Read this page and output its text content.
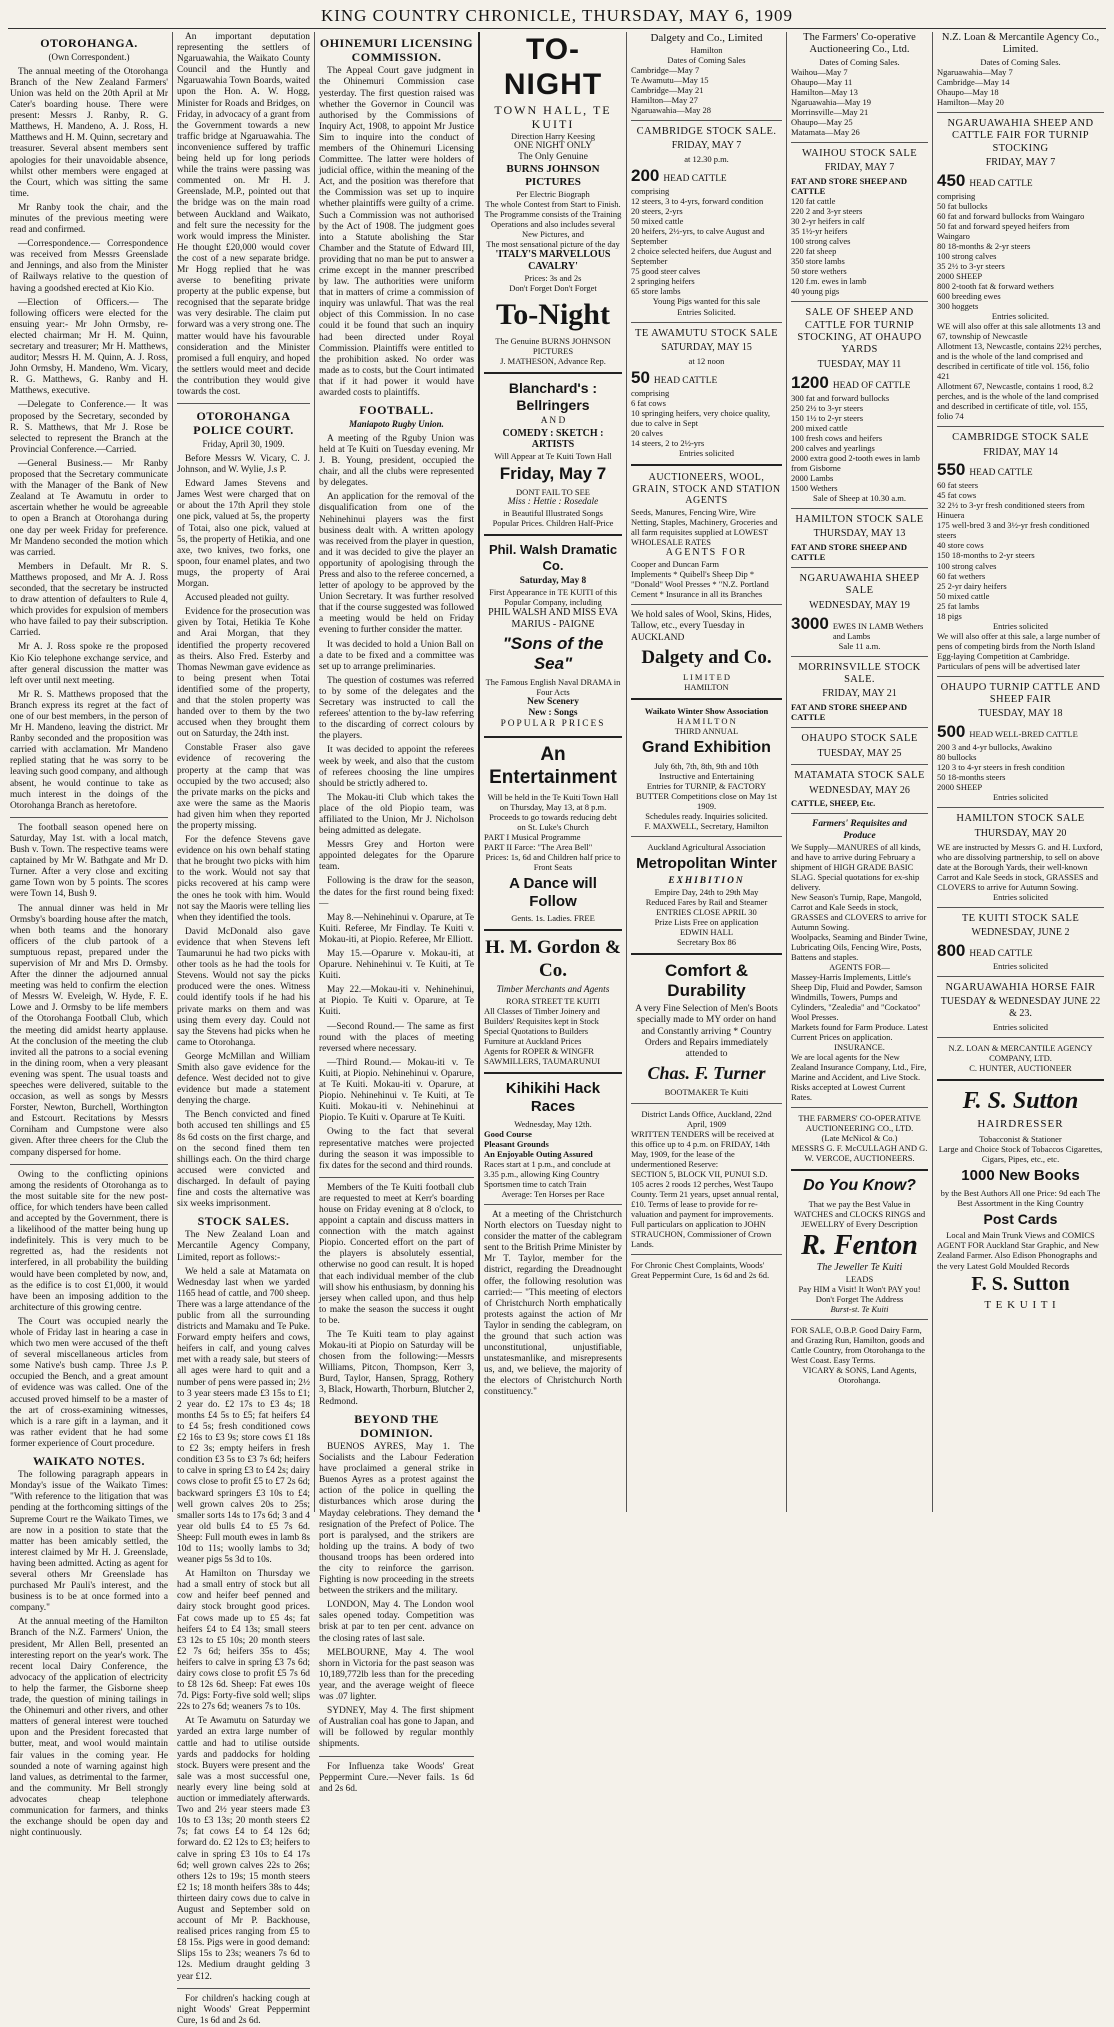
KING COUNTRY CHRONICLE, THURSDAY, MAY 6, 1909
OTOROHANGA.
(Own Correspondent.)

The annual meeting of the Otorohanga Branch of the New Zealand Farmers' Union was held on the 20th April at Mr Cater's boarding house. There were present: Messrs J. Ranby, R. G. Matthews, H. Mandeno, A. J. Ross, H. Matthews and H. M. Quinn, secretary and treasurer. Several absent members sent apologies for their unavoidable absence, whilst other members were engaged at the Court, which was sitting the same time.

Mr Ranby took the chair, and the minutes of the previous meeting were read and confirmed.

—Correspondence.— Correspondence was received from Messrs Greenslade and Jennings, and also from the Minister of Railways relative to the question of having a goodshed erected at Kio Kio.

—Election of Officers.— The following officers were elected for the ensuing year:- Mr John Ormsby, re-elected chairman; Mr H. M. Quinn, secretary and treasurer; Mr H. Matthews, auditor; Messrs H. M. Quinn, A. J. Ross, John Ormsby, H. Mandeno, Wm. Vicary, R. G. Matthews, G. Ranby and H. Matthews, executive.

—Delegate to Conference.— It was proposed by the Secretary, seconded by R. S. Matthews, that Mr J. Rose be selected to represent the Branch at the Provincial Conference.—Carried.

—General Business.— Mr Ranby proposed that the Secretary communicate with the Manager of the Bank of New Zealand at Te Awamutu in order to ascertain whether he would be agreeable to open a Branch at Otorohanga during one day per week Friday for preference. Mr Mandeno seconded the motion which was carried.

Members in Default. Mr R. S. Matthews proposed, and Mr A. J. Ross seconded, that the secretary be instructed to draw attention of defaulters to Rule 4, which provides for expulsion of members who have failed to pay their subscription. Carried.

Mr A. J. Ross spoke re the proposed Kio Kio telephone exchange service, and after general discussion the matter was left over until next meeting.

Mr R. S. Matthews proposed that the Branch express its regret at the fact of one of our best members, in the person of Mr H. Mandeno, leaving the district. Mr Ranby seconded and the proposition was carried with acclamation. Mr Mandeno replied stating that he was sorry to be leaving such good company, and although absent, he would continue to take as much interest in the doings of the Otorohanga Branch as heretofore.

The football season opened here on Saturday, May 1st. with a local match, Bush v. Town. The respective teams were captained by Mr W. Bathgate and Mr D. Turner. After a very close and exciting game Town won by 5 points. The scores were Town 14, Bush 9.

The annual dinner was held in Mr Ormsby's boarding house after the match, when both teams and the honorary officers of the club partook of a sumptuous repast, prepared under the supervision of Mr and Mrs D. Ormsby. After the dinner the adjourned annual meeting was held to confirm the election of Messrs W. Eveleigh, W. Hyde, F. E. Lowe and J. Ormsby to be life members of the Otorohanga Football Club, which the meeting did amidst hearty applause. At the conclusion of the meeting the club invited all the patrons to a social evening in the dining room, when a very pleasant evening was spent. The usual toasts and speeches were delivered, suitable to the occasion, as well as songs by Messrs Forster, Newton, Burchell, Worthington and Estcourt. Recitations by Messrs Corniham and Cumpstone were also given. After three cheers for the Club the company dispersed for home.

Owing to the conflicting opinions among the residents of Otorohanga as to the most suitable site for the new post-office, for which tenders have been called and accepted by the Government, there is a likelihood of the matter being hung up indefinitely. This is very much to be regretted as, had the residents not interfered, in all probability the building would have been completed by now, and, as the edifice is to cost £1,000, it would have been an imposing addition to the architecture of this growing centre.

The Court was occupied nearly the whole of Friday last in hearing a case in which two men were accused of the theft of several miscellaneous articles from some Native's bush camp. Three J.s P. occupied the Bench, and a great amount of evidence was was called. One of the accused proved himself to be a master of the art of cross-examining witnesses, which is a rare gift in a layman, and it was rather evident that he had some former experience of Court procedure.

WAIKATO NOTES.

The following paragraph appears in Monday's issue of the Waikato Times: "With reference to the litigation that was pending at the forthcoming sittings of the Supreme Court re the Waikato Times, we are now in a position to state that the matter has been amicably settled, the interest claimed by Mr H. J. Greenslade, having been admitted. Acting as agent for several others Mr Greenslade has purchased Mr Pauli's interest, and the business is to be at once formed into a company."

At the annual meeting of the Hamilton Branch of the N.Z. Farmers' Union, the president, Mr Allen Bell, presented an interesting report on the year's work. The recent local Dairy Conference, the advocacy of the application of electricity to help the farmer, the Gisborne sheep trade, the question of mining tailings in the Ohinemuri and other rivers, and other matters of general interest were touched upon and the President forecasted that butter, meat, and wool would maintain fair values in the coming year. He sounded a note of warning against high land values, as detrimental to the farmer, and the community. Mr Bell strongly advocates cheap telephone communication for farmers, and thinks the exchange should be open day and night continuously.

An important deputation representing the settlers of Ngaruawahia, the Waikato County Council and the Huntly and Ngaruawahia Town Boards, waited upon the Hon. A. W. Hogg, Minister for Roads and Bridges, on Friday, in advocacy of a grant from the Government towards a new traffic bridge at Ngaruawahia. The inconvenience suffered by traffic being held up for long periods while the trains were passing was commented on. Mr H. J. Greenslade, M.P., pointed out that the bridge was on the main road between Auckland and Waikato, and felt sure the necessity for the work would impress the Minister. He thought £20,000 would cover the cost of a new separate bridge. Mr Hogg replied that he was averse to benefiting private property at the public expense, but recognised that the separate bridge was very desirable. The claim put forward was a very strong one. The matter would have his favourable consideration and the Minister promised a full enquiry, and hoped the settlers would meet and decide the contribution they would give towards the cost.

OTOROHANGA POLICE COURT.
Friday, April 30, 1909.

Before Messrs W. Vicary, C. J. Johnson, and W. Wylie, J.s P.

Edward James Stevens and James West were charged that on or about the 17th April they stole one pick, valued at 5s, the property of Totai, also one pick, valued at 5s, the property of Hetikia, and one axe, two knives, two forks, one spoon, four enamel plates, and two mugs, the property of Arai Morgan.

Accused pleaded not guilty.

Evidence for the prosecution was given by Totai, Hetikia Te Kohe and Arai Morgan, that they identified the property recovered as theirs. Also Fred. Esterby and Thomas Newman gave evidence as to being present when Totai identified some of the property, and that the stolen property was handed over to them by the two accused when they brought them out on Saturday, the 24th inst.

Constable Fraser also gave evidence of recovering the property at the camp that was occupied by the two accused; also the private marks on the picks and axe were the same as the Maoris had given him when they reported the property missing.

For the defence Stevens gave evidence on his own behalf stating that he brought two picks with him to the work. Would not say that picks recovered at his camp were the ones he took with him. Would not say the Maoris were telling lies when they identified the tools.

David McDonald also gave evidence that when Stevens left Taumarunui he had two picks with other tools as he had the tools for Stevens. Would not say the picks produced were the ones. Witness could identify tools if he had his private marks on them and was using them every day. Could not say the Stevens had picks when he came to Otorohanga.

George McMillan and William Smith also gave evidence for the defence. West decided not to give evidence but made a statement denying the charge.

The Bench convicted and fined both accused ten shillings and £5 8s 6d costs on the first charge, and on the second fined them ten shillings each. On the third charge accused were convicted and discharged. In default of paying fine and costs the alternative was six weeks imprisonment.

STOCK SALES.

The New Zealand Loan and Mercantile Agency Company, Limited, report as follows:-

We held a sale at Matamata on Wednesday last when we yarded 1165 head of cattle, and 700 sheep. There was a large attendance of the public from all the surrounding districts and Mamaku and Te Puke. Forward empty heifers and cows, heifers in calf, and young calves met with a ready sale, but steers of all ages were hard to quit and a number of pens were passed in; 2½ to 3 year steers made £3 15s to £1; 2 year do. £2 17s to £3 4s; 18 months £4 5s to £5; fat heifers £4 to £4 5s; fresh conditioned cows £2 16s to £3 9s; store cows £1 18s to £2 3s; empty heifers in fresh condition £3 5s to £3 7s 6d; heifers to calve in spring £3 to £4 2s; dairy cows close to profit £5 to £7 2s 6d; backward springers £3 10s to £4; well grown calves 20s to 25s; smaller sorts 14s to 17s 6d; 3 and 4 year old bulls £4 to £5 7s 6d. Sheep: Full mouth ewes in lamb 8s 10d to 11s; woolly lambs to 3d; weaner pigs 5s 3d to 10s.

At Hamilton on Thursday we had a small entry of stock but all cow and heifer beef penned and dairy stock brought good prices. Fat cows made up to £5 4s; fat heifers £4 to £4 13s; small steers £3 12s to £5 10s; 20 month steers £2 7s 6d; heifers 35s to 45s; heifers to calve in spring £3 7s 6d; dairy cows close to profit £5 7s 6d to £8 12s 6d. Sheep: Fat ewes 10s 7d. Pigs: Forty-five sold well; slips 22s to 27s 6d; weaners 7s to 10s.

At Te Awamutu on Saturday we yarded an extra large number of cattle and had to utilise outside yards and paddocks for holding stock. Buyers were present and the sale was a most successful one, nearly every line being sold at auction or immediately afterwards. Two and 2½ year steers made £3 10s to £3 13s; 20 month steers £2 7s; fat cows £4 to £4 12s 6d; forward do. £2 12s to £3; heifers to calve in spring £3 10s to £4 17s 6d; well grown calves 22s to 26s; others 12s to 19s; 15 month steers £2 1s; 18 month heifers 38s to 44s; thirteen dairy cows due to calve in August and September sold on account of Mr P. Backhouse, realised prices ranging from £5 to £8 15s. Pigs were in good demand: Slips 15s to 23s; weaners 7s 6d to 12s. Medium draught gelding 3 year £12.

For children's hacking cough at night Woods' Great Peppermint Cure, 1s 6d and 2s 6d.

OHINEMURI LICENSING COMMISSION.

The Appeal Court gave judgment in the Ohinemuri Commission case yesterday. The first question raised was whether the Governor in Council was authorised by the Commissions of Inquiry Act, 1908, to appoint Mr Justice Sim to inquire into the conduct of members of the Ohinemuri Licensing Committee. The latter were holders of judicial office, within the meaning of the Act, and the position was therefore that the Commission was set up to inquire whether plaintiffs were guilty of a crime. Such a Commission was not authorised by the Act of 1908. The judgment goes into a Statute abolishing the Star Chamber and the Statute of Edward III, providing that no man be put to answer a crime except in the manner prescribed by law. The authorities were uniform that in matters of crime a commission of inquiry was unlawful. That was the real object of this Commission. In no case could it be found that such an inquiry had been directed under Royal Commission. Plaintiffs were entitled to the prohibition asked. No order was made as to costs, but the Court intimated that if it had power it would have awarded costs to plaintiffs.

FOOTBALL.
Maniapoto Rugby Union.

A meeting of the Rguby Union was held at Te Kuiti on Tuesday evening. Mr J. B. Young, president, occupied the chair, and all the clubs were represented by delegates.

An application for the removal of the disqualification from one of the Nehinehinui players was the first business dealt with. A written apology was received from the player in question, and it was decided to give the player an opportunity of apologising through the Press and also to the referee concerned, a letter of apology to be approved by the Union Secretary. It was further resolved that if the course suggested was followed a meeting would be held on Friday evening to further consider the matter.

It was decided to hold a Union Ball on a date to be fixed and a committee was set up to arrange preliminaries.

The question of costumes was referred to by some of the delegates and the Secretary was instructed to call the referees' attention to the by-law referring to the discarding of correct colours by the players.

It was decided to appoint the referees week by week, and also that the custom of referees choosing the line umpires should be strictly adhered to.

The Mokau-iti Club which takes the place of the old Piopio team, was affiliated to the Union, Mr J. Nicholson being admitted as delegate.

Messrs Grey and Horton were appointed delegates for the Oparure team.

Following is the draw for the season, the dates for the first round being fixed:—

May 8.—Nehinehinui v. Oparure, at Te Kuiti. Referee, Mr Findlay. Te Kuiti v. Mokau-iti, at Piopio. Referee, Mr Elliott.

May 15.—Oparure v. Mokau-iti, at Oparure. Nehinehinui v. Te Kuiti, at Te Kuiti.

May 22.—Mokau-iti v. Nehinehinui, at Piopio. Te Kuiti v. Oparure, at Te Kuiti.

—Second Round.— The same as first round with the places of meeting reversed where necessary.

—Third Round.— Mokau-iti v. Te Kuiti, at Piopio. Nehinehinui v. Oparure, at Te Kuiti. Mokau-iti v. Oparure, at Piopio. Nehinehinui v. Te Kuiti, at Te Kuiti. Mokau-iti v. Nehinehinui at Piopio. Te Kuiti v. Oparure at Te Kuiti.

Owing to the fact that several representative matches were projected during the season it was impossible to fix dates for the second and third rounds.

Members of the Te Kuiti football club are requested to meet at Kerr's boarding house on Friday evening at 8 o'clock, to appoint a captain and discuss matters in connection with the match against Piopio. Concerted effort on the part of the players is absolutely essential, otherwise no good can result. It is hoped that each individual member of the club will show his enthusiasm, by donning his jersey when called upon, and thus help to make the season the success it ought to be.

The Te Kuiti team to play against Mokau-iti at Piopio on Saturday will be chosen from the following:—Messrs Williams, Pitcon, Thompson, Kerr 3, Burd, Taylor, Hansen, Spragg, Rothery 3, Black, Howarth, Thorburn, Blutcher 2, Redmond.

BEYOND THE DOMINION.

BUENOS AYRES, May 1. The Socialists and the Labour Federation have proclaimed a general strike in Buenos Ayres as a protest against the action of the police in quelling the disturbances which arose during the Mayday celebrations. They demand the resignation of the Prefect of Police. The port is paralysed, and the strikers are holding up the trains. A body of two thousand troops has been ordered into the city to reinforce the garrison. Fighting is now proceeding in the streets between the strikers and the military.

LONDON, May 4. The London wool sales opened today. Competition was brisk at par to ten per cent. advance on the closing rates of last sale.

MELBOURNE, May 4. The wool shorn in Victoria for the past season was 10,189,772lb less than for the preceding year, and the average weight of fleece was .07 lighter.

SYDNEY, May 4. The first shipment of Australian coal has gone to Japan, and will be followed by regular monthly shipments.

For Influenza take Woods' Great Peppermint Cure.—Never fails. 1s 6d and 2s 6d.

TO-NIGHT
TOWN HALL, TE KUITI
Direction Harry Keesing
ONE NIGHT ONLY
The Only Genuine
BURNS JOHNSON PICTURES
Per Electric Biograph
The whole Contest from Start to Finish. The Programme consists of the Training Operations and also includes several New Pictures, and
The most sensational picture of the day
'ITALY'S MARVELLOUS CAVALRY'
Prices: 3s and 2s
Don't Forget Don't Forget
To-Night
The Genuine BURNS JOHNSON PICTURES
J. MATHESON, Advance Rep.
Blanchard's : Bellringers
A N D
COMEDY : SKETCH : ARTISTS
Will Appear at Te Kuiti Town Hall
Friday, May 7
DONT FAIL TO SEE
Miss : Hettie : Rosedale
in Beautiful Illustrated Songs
Popular Prices. Children Half-Price
Phil. Walsh Dramatic Co.
Saturday, May 8
First Appearance in TE KUITI of this Popular Company, including
PHIL WALSH AND MISS EVA MARIUS - PAIGNE
"Sons of the Sea"
The Famous English Naval DRAMA in Four Acts
New Scenery
New : Songs
POPULAR PRICES
An Entertainment
Will be held in the Te Kuiti Town Hall on Thursday, May 13, at 8 p.m. Proceeds to go towards reducing debt on St. Luke's Church
PART I Musical Programme
PART II Farce: "The Area Bell"
Prices: 1s, 6d and Children half price to Front Seats
A Dance will Follow
Gents. 1s. Ladies. FREE
H. M. Gordon & Co.
Timber Merchants and Agents
RORA STREET TE KUITI
All Classes of Timber Joinery and Builders' Requisites kept in Stock
Special Quotations to Builders
Furniture at Auckland Prices
Agents for ROPER & WINGFR SAWMILLERS, TAUMARUNUI
Kihikihi Hack Races
Wednesday, May 12th.
Good Course
Pleasant Grounds
An Enjoyable Outing Assured
Races start at 1 p.m., and conclude at 3.35 p.m., allowing King Country Sportsmen time to catch Train
Average: Ten Horses per Race

At a meeting of the Christchurch North electors on Tuesday night to consider the matter of the cablegram sent to the British Prime Minister by Mr T. Taylor, member for the district, regarding the Dreadnought offer, the following resolution was carried:— "This meeting of electors of Christchurch North emphatically protests against the action of Mr Taylor in sending the cablegram, on the ground that such action was unconstitutional, unjustifiable, unstatesmanlike, and misrepresents us, and, we believe, the majority of the electors of Christchurch North constituency."

Dalgety and Co., Limited
Hamilton
Dates of Coming Sales
Cambridge—May 7
Te Awamutu—May 15
Cambridge—May 21
Hamilton—May 27
Ngaruawahia—May 28
CAMBRIDGE STOCK SALE.
FRIDAY, MAY 7
at 12.30 p.m.
200 HEAD CATTLE
comprising
12 steers, 3 to 4-yrs, forward condition
20 steers, 2-yrs
50 mixed cattle
20 heifers, 2½-yrs, to calve August and September
2 choice selected heifers, due August and September
75 good steer calves
2 springing heifers
65 store lambs
Young Pigs wanted for this sale
Entries Solicited.
TE AWAMUTU STOCK SALE
SATURDAY, MAY 15
at 12 noon
50 HEAD CATTLE
comprising
6 fat cows
10 springing heifers, very choice quality, due to calve in Sept
20 calves
14 steers, 2 to 2½-yrs
Entries solicited
AUCTIONEERS, WOOL, GRAIN, STOCK AND STATION AGENTS
Seeds, Manures, Fencing Wire, Wire Netting, Staples, Machinery, Groceries and all farm requisites supplied at LOWEST WHOLESALE RATES
AGENTS FOR
Cooper and Duncan Farm
Implements * Quibell's Sheep Dip * "Donald" Wool Presses * "N.Z. Portland Cement * Insurance in all its Branches
We hold sales of Wool, Skins, Hides, Tallow, etc., every Tuesday in AUCKLAND
Dalgety and Co.
L I M I T E D
HAMILTON
Waikato Winter Show Association
H A M I L T O N
THIRD ANNUAL
Grand Exhibition
July 6th, 7th, 8th, 9th and 10th
Instructive and Entertaining
Entries for TURNIP, & FACTORY BUTTER Competitions close on May 1st 1909.
Schedules ready. Inquiries solicited.
F. MAXWELL, Secretary, Hamilton
Auckland Agricultural Association
Metropolitan Winter
EXHIBITION
Empire Day, 24th to 29th May
Reduced Fares by Rail and Steamer
ENTRIES CLOSE APRIL 30
Prize Lists Free on application
EDWIN HALL
Secretary Box 86
Comfort & Durability
A very Fine Selection of Men's Boots specially made to MY order on hand and Constantly arriving * Country Orders and Repairs immediately attended to
Chas. F. Turner
BOOTMAKER Te Kuiti
District Lands Office, Auckland, 22nd April, 1909
WRITTEN TENDERS will be received at this office up to 4 p.m. on FRIDAY, 14th May, 1909, for the lease of the undermentioned Reserve:
SECTION 5, BLOCK VII, PUNUI S.D. 105 acres 2 roods 12 perches, West Taupo County. Term 21 years, upset annual rental, £10. Terms of lease to provide for re-valuation and payment for improvements.
Full particulars on application to JOHN STRAUCHON, Commissioner of Crown Lands.
For Chronic Chest Complaints, Woods' Great Peppermint Cure, 1s 6d and 2s 6d.
The Farmers' Co-operative Auctioneering Co., Ltd.
Dates of Coming Sales.
Waihou—May 7
Ohaupo—May 11
Hamilton—May 13
Ngaruawahia—May 19
Morrinsville—May 21
Ohaupo—May 25
Matamata—May 26
WAIHOU STOCK SALE
FRIDAY, MAY 7
FAT AND STORE SHEEP AND CATTLE
120 fat cattle
220 2 and 3-yr steers
30 2-yr heifers in calf
35 1½-yr heifers
100 strong calves
220 fat sheep
350 store lambs
50 store wethers
120 f.m. ewes in lamb
40 young pigs
SALE OF SHEEP AND CATTLE FOR TURNIP STOCKING, AT OHAUPO YARDS
TUESDAY, MAY 11
1200 HEAD OF CATTLE
300 fat and forward bullocks
250 2½ to 3-yr steers
150 1½ to 2-yr steers
200 mixed cattle
100 fresh cows and heifers
200 calves and yearlings
2000 extra good 2-tooth ewes in lamb from Gisborne
2000 Lambs
1500 Wethers
Sale of Sheep at 10.30 a.m.
HAMILTON STOCK SALE
THURSDAY, MAY 13
FAT AND STORE SHEEP AND CATTLE
NGARUAWAHIA SHEEP SALE
WEDNESDAY, MAY 19
3000 EWES IN LAMB Wethers and Lambs
Sale 11 a.m.
MORRINSVILLE STOCK SALE.
FRIDAY, MAY 21
FAT AND STORE SHEEP AND CATTLE
OHAUPO STOCK SALE
TUESDAY, MAY 25
MATAMATA STOCK SALE
WEDNESDAY, MAY 26
CATTLE, SHEEP, Etc.
Farmers' Requisites and
Produce
We Supply—MANURES of all kinds, and have to arrive during February a shipment of HIGH GRADE BASIC SLAG. Special quotations for ex-ship delivery.
New Season's Turnip, Rape, Mangold, Carrot and Kale Seeds in stock, GRASSES and CLOVERS to arrive for Autumn Sowing.
Woolpacks, Seaming and Binder Twine, Lubricating Oils, Fencing Wire, Posts, Battens and staples.
AGENTS FOR—
Massey-Harris Implements, Little's Sheep Dip, Fluid and Powder, Samson Windmills, Towers, Pumps and Cylinders, "Zealedia" and "Cockatoo" Wool Presses.
Markets found for Farm Produce. Latest Current Prices on application.
INSURANCE.
We are local agents for the New Zealand Insurance Company, Ltd., Fire, Marine and Accident, and Live Stock. Risks accepted at Lowest Current Rates.
THE FARMERS' CO-OPERATIVE AUCTIONEERING CO., LTD.
(Late McNicol & Co.)
MESSRS G. F. McCULLAGH AND G. W. VERCOE, AUCTIONEERS.
Do You Know?
That we pay the Best Value in WATCHES and CLOCKS RINGS and JEWELLRY of Every Description
R. Fenton
The Jeweller Te Kuiti
LEADS
Pay HIM a Visit! It Won't PAY you! Don't Forget The Address
Burst-st. Te Kuiti
FOR SALE, O.B.P. Good Dairy Farm, and Grazing Run, Hamilton, goods and Cattle Country, from Otorohanga to the West Coast. Easy Terms.
VICARY & SONS, Land Agents, Otorohanga.
N.Z. Loan & Mercantile Agency Co., Limited.
Dates of Coming Sales.
Ngaruawahia—May 7
Cambridge—May 14
Ohaupo—May 18
Hamilton—May 20
NGARUAWAHIA SHEEP AND CATTLE FAIR FOR TURNIP STOCKING
FRIDAY, MAY 7
450 HEAD CATTLE
comprising
50 fat bullocks
60 fat and forward bullocks from Waingaro
50 fat and forward speyed heifers from Waingaro
80 18-months & 2-yr steers
100 strong calves
35 2½ to 3-yr steers
2000 SHEEP
800 2-tooth fat & forward wethers
600 breeding ewes
300 hoggets
Entries solicited.
WE will also offer at this sale allotments 13 and 67, township of Newcastle
Allotment 13, Newcastle, contains 22½ perches, and is the whole of the land comprised and described in certificate of title vol. 156, folio 421
Allotment 67, Newcastle, contains 1 rood, 8.2 perches, and is the whole of the land comprised and described in certificate of title, vol. 155, folio 74
CAMBRIDGE STOCK SALE
FRIDAY, MAY 14
550 HEAD CATTLE
60 fat steers
45 fat cows
32 2½ to 3-yr fresh conditioned steers from Hinuera
175 well-bred 3 and 3½-yr fresh conditioned steers
40 store cows
150 18-months to 2-yr steers
100 strong calves
60 fat wethers
25 2-yr dairy heifers
50 mixed cattle
25 fat lambs
18 pigs
Entries solicited
We will also offer at this sale, a large number of pens of competing birds from the North Island Egg-laying Competition at Cambridge. Particulars of pens will be advertised later
OHAUPO TURNIP CATTLE AND SHEEP FAIR
TUESDAY, MAY 18
500 HEAD WELL-BRED CATTLE
200 3 and 4-yr bullocks, Awakino
80 bullocks
120 3 to 4-yr steers in fresh condition
50 18-months steers
2000 SHEEP
Entries solicited
HAMILTON STOCK SALE
THURSDAY, MAY 20
WE are instructed by Messrs G. and H. Luxford, who are dissolving partnership, to sell on above date at the Borough Yards, their well-known Carrot and Kale Seeds in stock, GRASSES and CLOVERS to arrive for Autumn Sowing.
Entries solicited
TE KUITI STOCK SALE
WEDNESDAY, JUNE 2
800 HEAD CATTLE
Entries solicited
NGARUAWAHIA HORSE FAIR
TUESDAY & WEDNESDAY JUNE 22 & 23.
Entries solicited
N.Z. LOAN & MERCANTILE AGENCY COMPANY, LTD.
C. HUNTER, AUCTIONEER
F. S. Sutton
HAIRDRESSER
Tobacconist & Stationer
Large and Choice Stock of Tobaccos Cigarettes, Cigars, Pipes, etc., etc.
1000 New Books
by the Best Authors All one Price: 9d each The Best Assortment in the King Country
Post Cards
Local and Main Trunk Views and COMICS
AGENT FOR Auckland Star Graphic, and New Zealand Farmer. Also Edison Phonographs and the very Latest Gold Moulded Records
F. S. Sutton
T E K U I T I
